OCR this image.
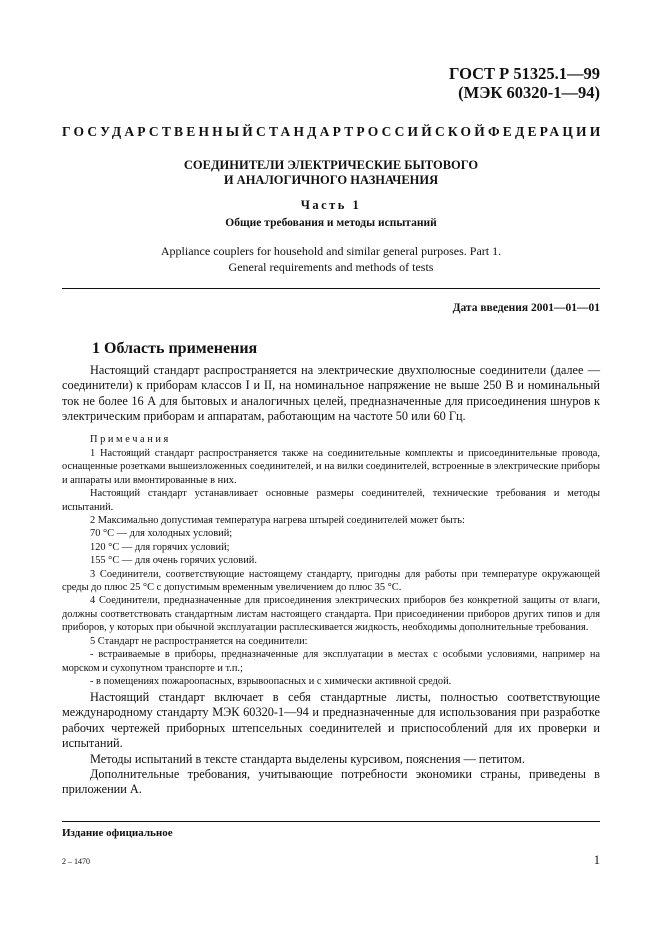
ГОСТ Р 51325.1—99
(МЭК 60320-1—94)
ГОСУДАРСТВЕННЫЙ СТАНДАРТ РОССИЙСКОЙ ФЕДЕРАЦИИ
СОЕДИНИТЕЛИ ЭЛЕКТРИЧЕСКИЕ БЫТОВОГО
И АНАЛОГИЧНОГО НАЗНАЧЕНИЯ
Часть 1
Общие требования и методы испытаний
Appliance couplers for household and similar general purposes. Part 1.
General requirements and methods of tests
Дата введения 2001—01—01
1 Область применения

Настоящий стандарт распространяется на электрические двухполюсные соединители (далее — соединители) к приборам классов I и II, на номинальное напряжение не выше 250 В и номинальный ток не более 16 А для бытовых и аналогичных целей, предназначенные для присоединения шнуров к электрическим приборам и аппаратам, работающим на частоте 50 или 60 Гц.

Примечания

1 Настоящий стандарт распространяется также на соединительные комплекты и присоединительные провода, оснащенные розетками вышеизложенных соединителей, и на вилки соединителей, встроенные в электрические приборы и аппараты или вмонтированные в них.

Настоящий стандарт устанавливает основные размеры соединителей, технические требования и методы испытаний.

2 Максимально допустимая температура нагрева штырей соединителей может быть:

70 °С — для холодных условий;

120 °С — для горячих условий;

155 °С — для очень горячих условий.

3 Соединители, соответствующие настоящему стандарту, пригодны для работы при температуре окружающей среды до плюс 25 °С с допустимым временным увеличением до плюс 35 °С.

4 Соединители, предназначенные для присоединения электрических приборов без конкретной защиты от влаги, должны соответствовать стандартным листам настоящего стандарта. При присоединении приборов других типов и для приборов, у которых при обычной эксплуатации расплескивается жидкость, необходимы дополнительные требования.

5 Стандарт не распространяется на соединители:

- встраиваемые в приборы, предназначенные для эксплуатации в местах с особыми условиями, например на морском и сухопутном транспорте и т.п.;

- в помещениях пожароопасных, взрывоопасных и с химически активной средой.

Настоящий стандарт включает в себя стандартные листы, полностью соответствующие международному стандарту МЭК 60320-1—94 и предназначенные для использования при разработке рабочих чертежей приборных штепсельных соединителей и приспособлений для их проверки и испытаний.

Методы испытаний в тексте стандарта выделены курсивом, пояснения — петитом.

Дополнительные требования, учитывающие потребности экономики страны, приведены в приложении А.

Издание официальное
2 – 1470	1
